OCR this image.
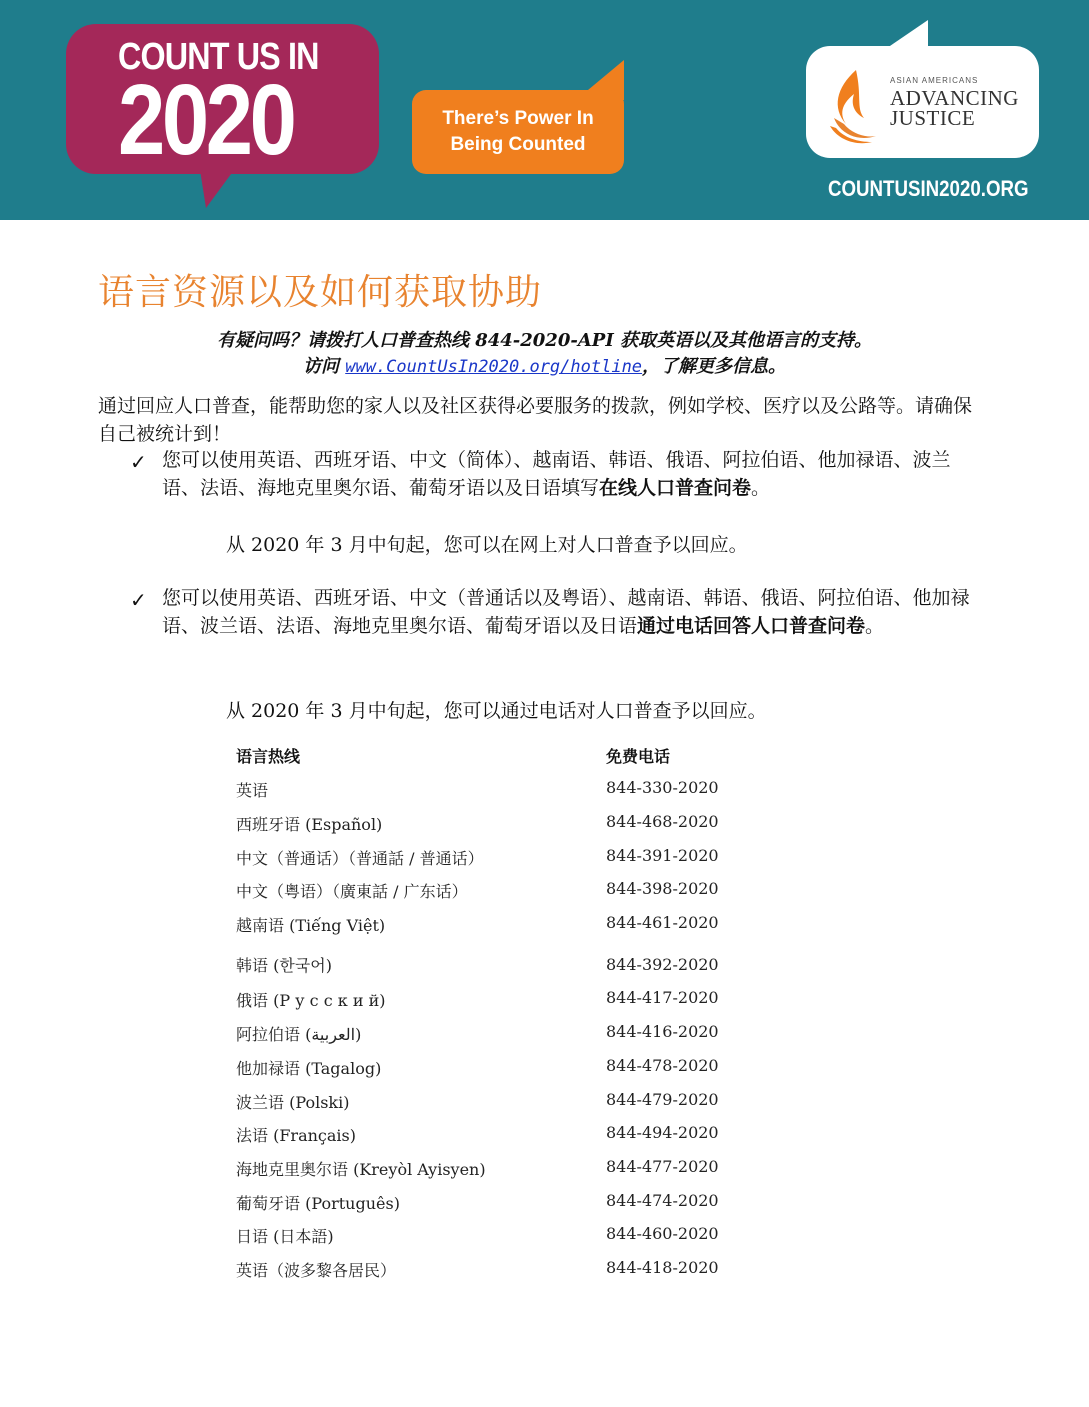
COUNT US IN
2020	There’s Power In
Being Counted
ASIAN AMERICANS
ADVANCING
JUSTICE
COUNTUSIN2020.ORG
语言资源以及如何获取协助
有疑问吗？请拨打人口普查热线 844-2020-API 获取英语以及其他语言的支持。
访问 www.CountUsIn2020.org/hotline，了解更多信息。
通过回应人口普查，能帮助您的家人以及社区获得必要服务的拨款，例如学校、医疗以及公路等。请确保自己被统计到！
✓ 您可以使用英语、西班牙语、中文（简体）、越南语、韩语、俄语、阿拉伯语、他加禄语、波兰语、法语、海地克里奥尔语、葡萄牙语以及日语填写在线人口普查问卷。
从 2020 年 3 月中旬起，您可以在网上对人口普查予以回应。
✓ 您可以使用英语、西班牙语、中文（普通话以及粤语）、越南语、韩语、俄语、阿拉伯语、他加禄语、波兰语、法语、海地克里奥尔语、葡萄牙语以及日语通过电话回答人口普查问卷。
从 2020 年 3 月中旬起，您可以通过电话对人口普查予以回应。
语言热线	免费电话
英语	844-330-2020
西班牙语 (Español)	844-468-2020
中文（普通话）（普通話 / 普通话）	844-391-2020
中文（粤语）（廣東話 / 广东话）	844-398-2020
越南语 (Tiếng Việt)	844-461-2020
韩语 (한국어)	844-392-2020
俄语 (Р у с с к и й)	844-417-2020
阿拉伯语 (العربية)	844-416-2020
他加禄语 (Tagalog)	844-478-2020
波兰语 (Polski)	844-479-2020
法语 (Français)	844-494-2020
海地克里奥尔语 (Kreyòl Ayisyen)	844-477-2020
葡萄牙语 (Português)	844-474-2020
日语 (日本語)	844-460-2020
英语（波多黎各居民）	844-418-2020
